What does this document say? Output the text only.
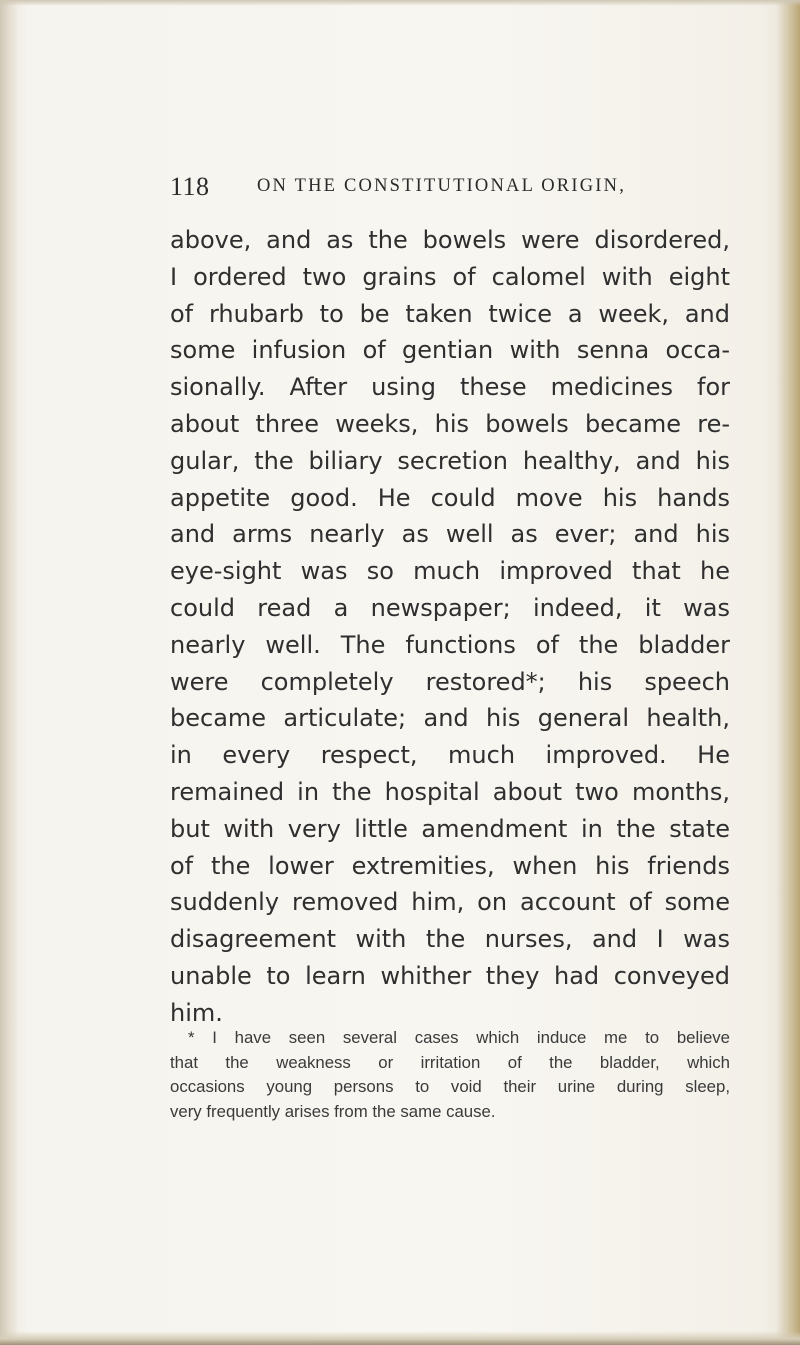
118	ON THE CONSTITUTIONAL ORIGIN,
above, and as the bowels were disordered,
I ordered two grains of calomel with eight
of rhubarb to be taken twice a week, and
some infusion of gentian with senna occa-
sionally. After using these medicines for
about three weeks, his bowels became re-
gular, the biliary secretion healthy, and his
appetite good. He could move his hands
and arms nearly as well as ever; and his
eye-sight was so much improved that he
could read a newspaper; indeed, it was
nearly well. The functions of the bladder
were completely restored*; his speech
became articulate; and his general health,
in every respect, much improved. He
remained in the hospital about two months,
but with very little amendment in the state
of the lower extremities, when his friends
suddenly removed him, on account of some
disagreement with the nurses, and I was
unable to learn whither they had conveyed
him.
* I have seen several cases which induce me to believe
that the weakness or irritation of the bladder, which
occasions young persons to void their urine during sleep,
very frequently arises from the same cause.
